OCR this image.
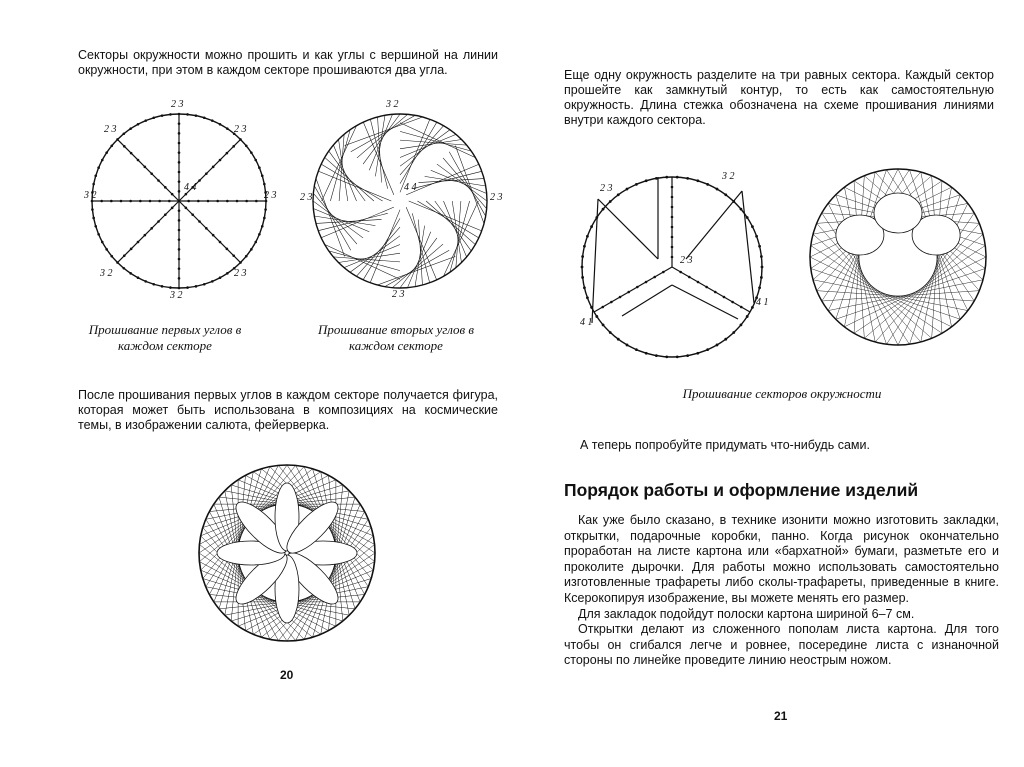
Секторы окружности можно прошить и как углы с вершиной на линии окружности, при этом в каждом секторе прошиваются два угла.

2 3
2 3	2 3
3 2	2 3
3 2	2 3
3 2
4 4
3 2
2 3	2 3
2 3
4 4

Прошивание первых углов в каждом секторе

Прошивание вторых углов в каждом секторе

После прошивания первых углов в каждом секторе получается фигура, которая может быть использована в композициях на космические темы, в изображении салюта, фейерверка.

20

Еще одну окружность разделите на три равных сектора. Каждый сектор прошейте как замкнутый контур, то есть как самостоятельную окружность. Длина стежка обозначена на схеме прошивания линиями внутри каждого сектора.

2 3
3 2
2 3
4 1
4 1

Прошивание секторов окружности

А теперь попробуйте придумать что-нибудь сами.

Порядок работы и оформление изделий

Как уже было сказано, в технике изонити можно изготовить закладки, открытки, подарочные коробки, панно. Когда рисунок окончательно проработан на листе картона или «бархатной» бумаги, разметьте его и проколите дырочки. Для работы можно использовать самостоятельно изготовленные трафареты либо сколы-трафареты, приведенные в книге. Ксерокопируя изображение, вы можете менять его размер.

Для закладок подойдут полоски картона шириной 6–7 см.

Открытки делают из сложенного пополам листа картона. Для того чтобы он сгибался легче и ровнее, посередине листа с изнаночной стороны по линейке проведите линию неострым ножом.

21
